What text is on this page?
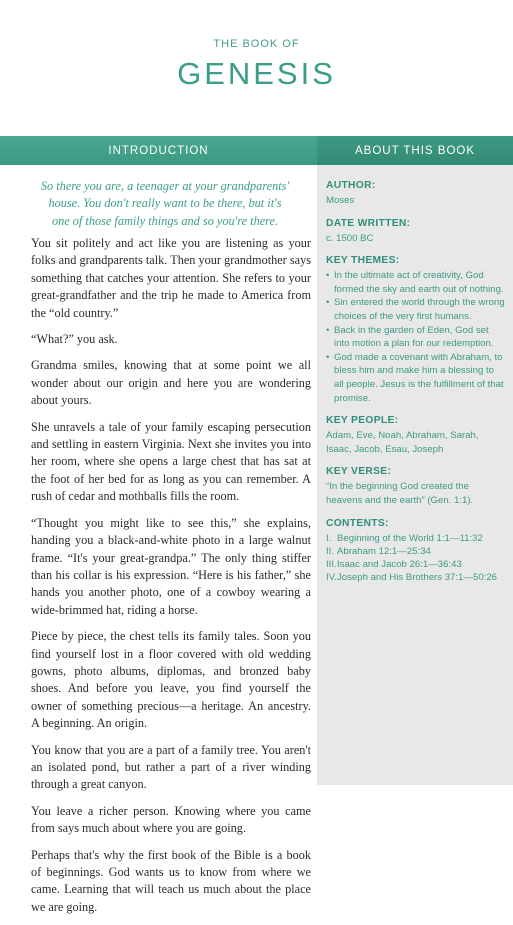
THE BOOK OF
GENESIS
INTRODUCTION	ABOUT THIS BOOK
So there you are, a teenager at your grandparents'
house. You don't really want to be there, but it's
one of those family things and so you're there.

You sit politely and act like you are listening as your folks and grandparents talk. Then your grandmother says something that catches your attention. She refers to your great-grandfather and the trip he made to America from the “old country.”

“What?” you ask.

Grandma smiles, knowing that at some point we all wonder about our origin and here you are wondering about yours.

She unravels a tale of your family escaping persecution and settling in eastern Virginia. Next she invites you into her room, where she opens a large chest that has sat at the foot of her bed for as long as you can remember. A rush of cedar and mothballs fills the room.

“Thought you might like to see this,” she explains, handing you a black-and-white photo in a large walnut frame. “It's your great-grandpa.” The only thing stiffer than his collar is his expression. “Here is his father,” she hands you another photo, one of a cowboy wearing a wide-brimmed hat, riding a horse.

Piece by piece, the chest tells its family tales. Soon you find yourself lost in a floor covered with old wedding gowns, photo albums, diplomas, and bronzed baby shoes. And before you leave, you find yourself the owner of something precious—a heritage. An ancestry. A beginning. An origin.

You know that you are a part of a family tree. You aren't an isolated pond, but rather a part of a river winding through a great canyon.

You leave a richer person. Knowing where you came from says much about where you are going.

Perhaps that's why the first book of the Bible is a book of beginnings. God wants us to know from where we came. Learning that will teach us much about the place we are going.

AUTHOR:
Moses
DATE WRITTEN:
c. 1500 BC
KEY THEMES:
• In the ultimate act of creativity, God formed the sky and earth out of nothing.
• Sin entered the world through the wrong choices of the very first humans.
• Back in the garden of Eden, God set into motion a plan for our redemption.
• God made a covenant with Abraham, to bless him and make him a blessing to all people. Jesus is the fulfillment of that promise.
KEY PEOPLE:
Adam, Eve, Noah, Abraham, Sarah, Isaac, Jacob, Esau, Joseph
KEY VERSE:
“In the beginning God created the heavens and the earth” (Gen. 1:1).
CONTENTS:
I. Beginning of the World 1:1—11:32
II. Abraham 12:1—25:34
III. Isaac and Jacob 26:1—36:43
IV. Joseph and His Brothers 37:1—50:26
